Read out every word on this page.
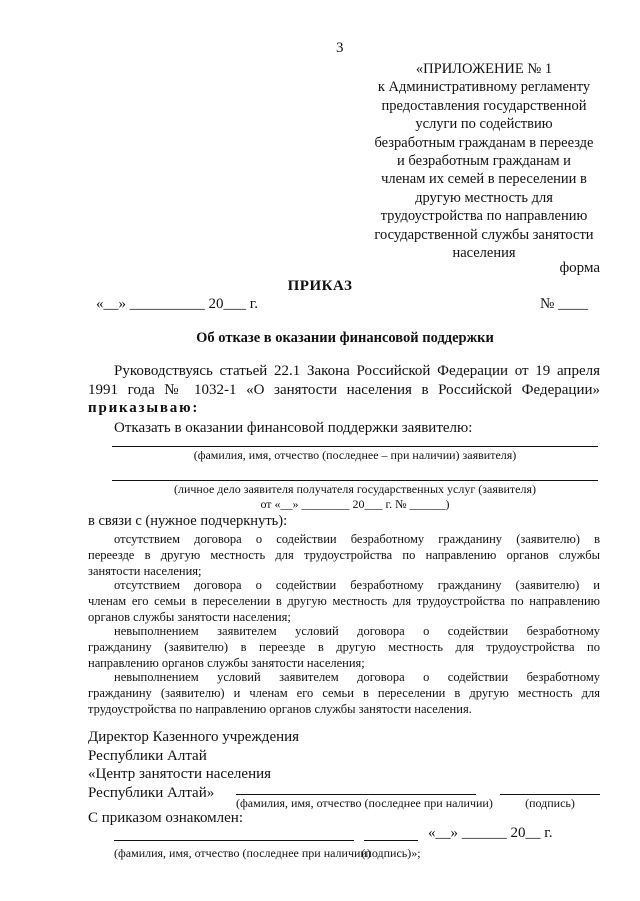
3
«ПРИЛОЖЕНИЕ № 1
к Административному регламенту
предоставления государственной
услуги по содействию
безработным гражданам в переезде
и безработным гражданам и
членам их семей в переселении в
другую местность для
трудоустройства по направлению
государственной службы занятости
населения
форма
ПРИКАЗ
«__» __________ 20___ г.	№ ____
Об отказе в оказании финансовой поддержки
Руководствуясь статьей 22.1 Закона Российской Федерации от 19 апреля
1991 года № 1032-1 «О занятости населения в Российской Федерации»
приказываю:
Отказать в оказании финансовой поддержки заявителю:
(фамилия, имя, отчество (последнее – при наличии) заявителя)
(личное дело заявителя получателя государственных услуг (заявителя)
от «__» ________ 20___ г. № ______)
в связи с (нужное подчеркнуть):
отсутствием договора о содействии безработному гражданину (заявителю) в
переезде в другую местность для трудоустройства по направлению органов службы
занятости населения;
отсутствием договора о содействии безработному гражданину (заявителю) и
членам его семьи в переселении в другую местность для трудоустройства по направлению
органов службы занятости населения;
невыполнением заявителем условий договора о содействии безработному
гражданину (заявителю) в переезде в другую местность для трудоустройства по
направлению органов службы занятости населения;
невыполнением условий заявителем договора о содействии безработному
гражданину (заявителю) и членам его семьи в переселении в другую местность для
трудоустройства по направлению органов службы занятости населения.
Директор Казенного учреждения
Республики Алтай
«Центр занятости населения
Республики Алтай»
(фамилия, имя, отчество (последнее при наличии)	(подпись)
С приказом ознакомлен:
«__» ______ 20__ г.
(фамилия, имя, отчество (последнее при наличии)
(подпись)»;
